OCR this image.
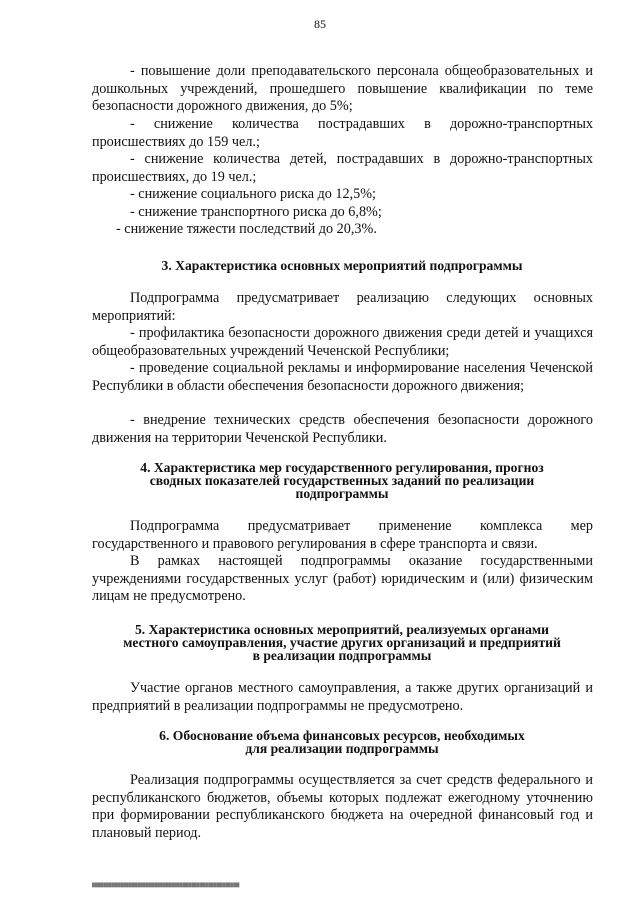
85

- повышение доли преподавательского персонала общеобразовательных и дошкольных учреждений, прошедшего повышение квалификации по теме безопасности дорожного движения, до 5%;

- снижение количества пострадавших в дорожно-транспортных происшествиях до 159 чел.;

- снижение количества детей, пострадавших в дорожно-транспортных происшествиях, до 19 чел.;

- снижение социального риска до 12,5%;

- снижение транспортного риска до 6,8%;

- снижение тяжести последствий до 20,3%.

3. Характеристика основных мероприятий подпрограммы

Подпрограмма предусматривает реализацию следующих основных мероприятий:

- профилактика безопасности дорожного движения среди детей и учащихся общеобразовательных учреждений Чеченской Республики;

- проведение социальной рекламы и информирование населения Чеченской Республики в области обеспечения безопасности дорожного движения;

- внедрение технических средств обеспечения безопасности дорожного движения на территории Чеченской Республики.

4. Характеристика мер государственного регулирования, прогноз
сводных показателей государственных заданий по реализации
подпрограммы

Подпрограмма предусматривает применение комплекса мер государственного и правового регулирования в сфере транспорта и связи.

В рамках настоящей подпрограммы оказание государственными учреждениями государственных услуг (работ) юридическим и (или) физическим лицам не предусмотрено.

5. Характеристика основных мероприятий, реализуемых органами
местного самоуправления, участие других организаций и предприятий
в реализации подпрограммы

Участие органов местного самоуправления, а также других организаций и предприятий в реализации подпрограммы не предусмотрено.

6. Обоснование объема финансовых ресурсов, необходимых
для реализации подпрограммы

Реализация подпрограммы осуществляется за счет средств федерального и республиканского бюджетов, объемы которых подлежат ежегодному уточнению при формировании республиканского бюджета на очередной финансовый год и плановый период.

████████████████████████████████████████████████████
